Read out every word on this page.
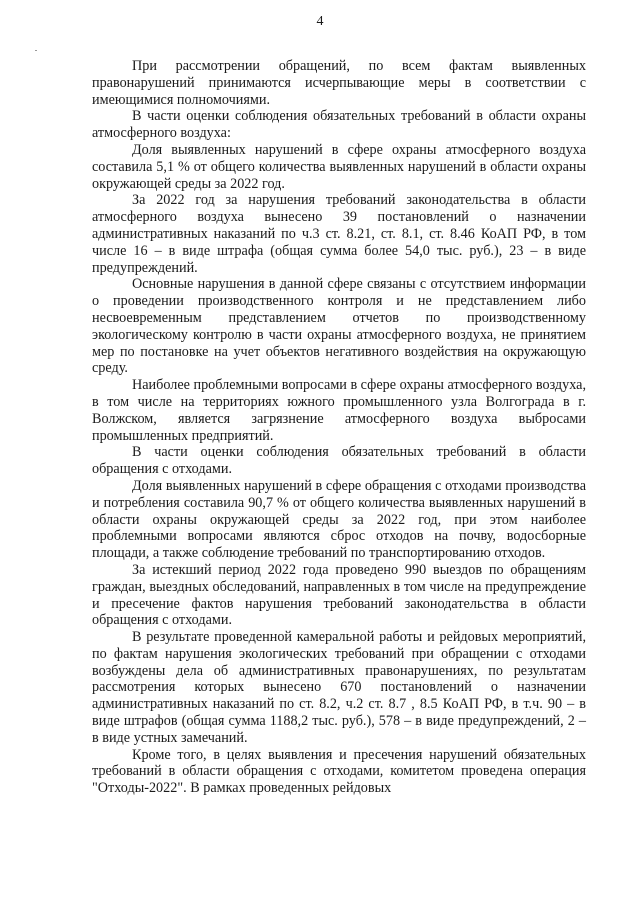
4

При рассмотрении обращений, по всем фактам выявленных правонарушений принимаются исчерпывающие меры в соответствии с имеющимися полномочиями.

В части оценки соблюдения обязательных требований в области охраны атмосферного воздуха:

Доля выявленных нарушений в сфере охраны атмосферного воздуха составила 5,1 % от общего количества выявленных нарушений в области охраны окружающей среды за 2022 год.

За 2022 год за нарушения требований законодательства в области атмосферного воздуха вынесено 39 постановлений о назначении административных наказаний по ч.3 ст. 8.21, ст. 8.1, ст. 8.46 КоАП РФ, в том числе 16 – в виде штрафа (общая сумма более 54,0 тыс. руб.), 23 – в виде предупреждений.

Основные нарушения в данной сфере связаны с отсутствием информации о проведении производственного контроля и не представлением либо несвоевременным представлением отчетов по производственному экологическому контролю в части охраны атмосферного воздуха, не принятием мер по постановке на учет объектов негативного воздействия на окружающую среду.

Наиболее проблемными вопросами в сфере охраны атмосферного воздуха, в том числе на территориях южного промышленного узла Волгограда в г. Волжском, является загрязнение атмосферного воздуха выбросами промышленных предприятий.

В части оценки соблюдения обязательных требований в области обращения с отходами.

Доля выявленных нарушений в сфере обращения с отходами производства и потребления составила 90,7 % от общего количества выявленных нарушений в области охраны окружающей среды за 2022 год, при этом наиболее проблемными вопросами являются сброс отходов на почву, водосборные площади, а также соблюдение требований по транспортированию отходов.

За истекший период 2022 года проведено 990 выездов по обращениям граждан, выездных обследований, направленных в том числе на предупреждение и пресечение фактов нарушения требований законодательства в области обращения с отходами.

В результате проведенной камеральной работы и рейдовых мероприятий, по фактам нарушения экологических требований при обращении с отходами возбуждены дела об административных правонарушениях, по результатам рассмотрения которых вынесено 670 постановлений о назначении административных наказаний по ст. 8.2, ч.2 ст. 8.7 , 8.5 КоАП РФ, в т.ч. 90 – в виде штрафов (общая сумма 1188,2 тыс. руб.), 578 – в виде предупреждений, 2 – в виде устных замечаний.

Кроме того, в целях выявления и пресечения нарушений обязательных требований в области обращения с отходами, комитетом проведена операция "Отходы-2022". В рамках проведенных рейдовых
